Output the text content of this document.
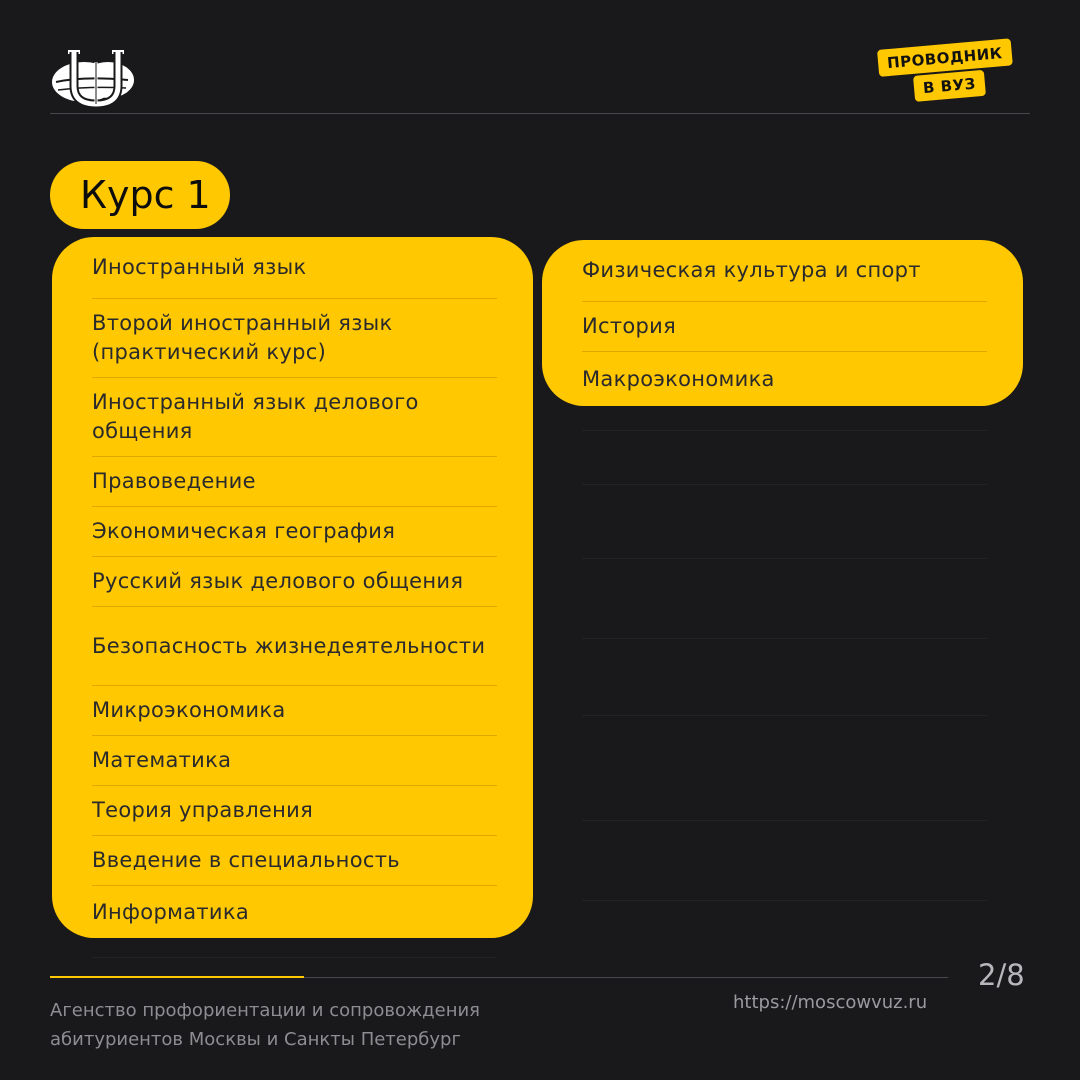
ПРОВОДНИК
В ВУЗ
Курс 1
Иностранный язык
Второй иностранный язык (практический курс)
Иностранный язык делового общения
Правоведение
Экономическая география
Русский язык делового общения
Безопасность жизнедеятельности
Микроэкономика
Математика
Теория управления
Введение в специальность
Информатика
Физическая культура и спорт
История
Макроэкономика
2/8
Агенство профориентации и сопровождения абитуриентов Москвы и Санкты Петербург
https://moscowvuz.ru
